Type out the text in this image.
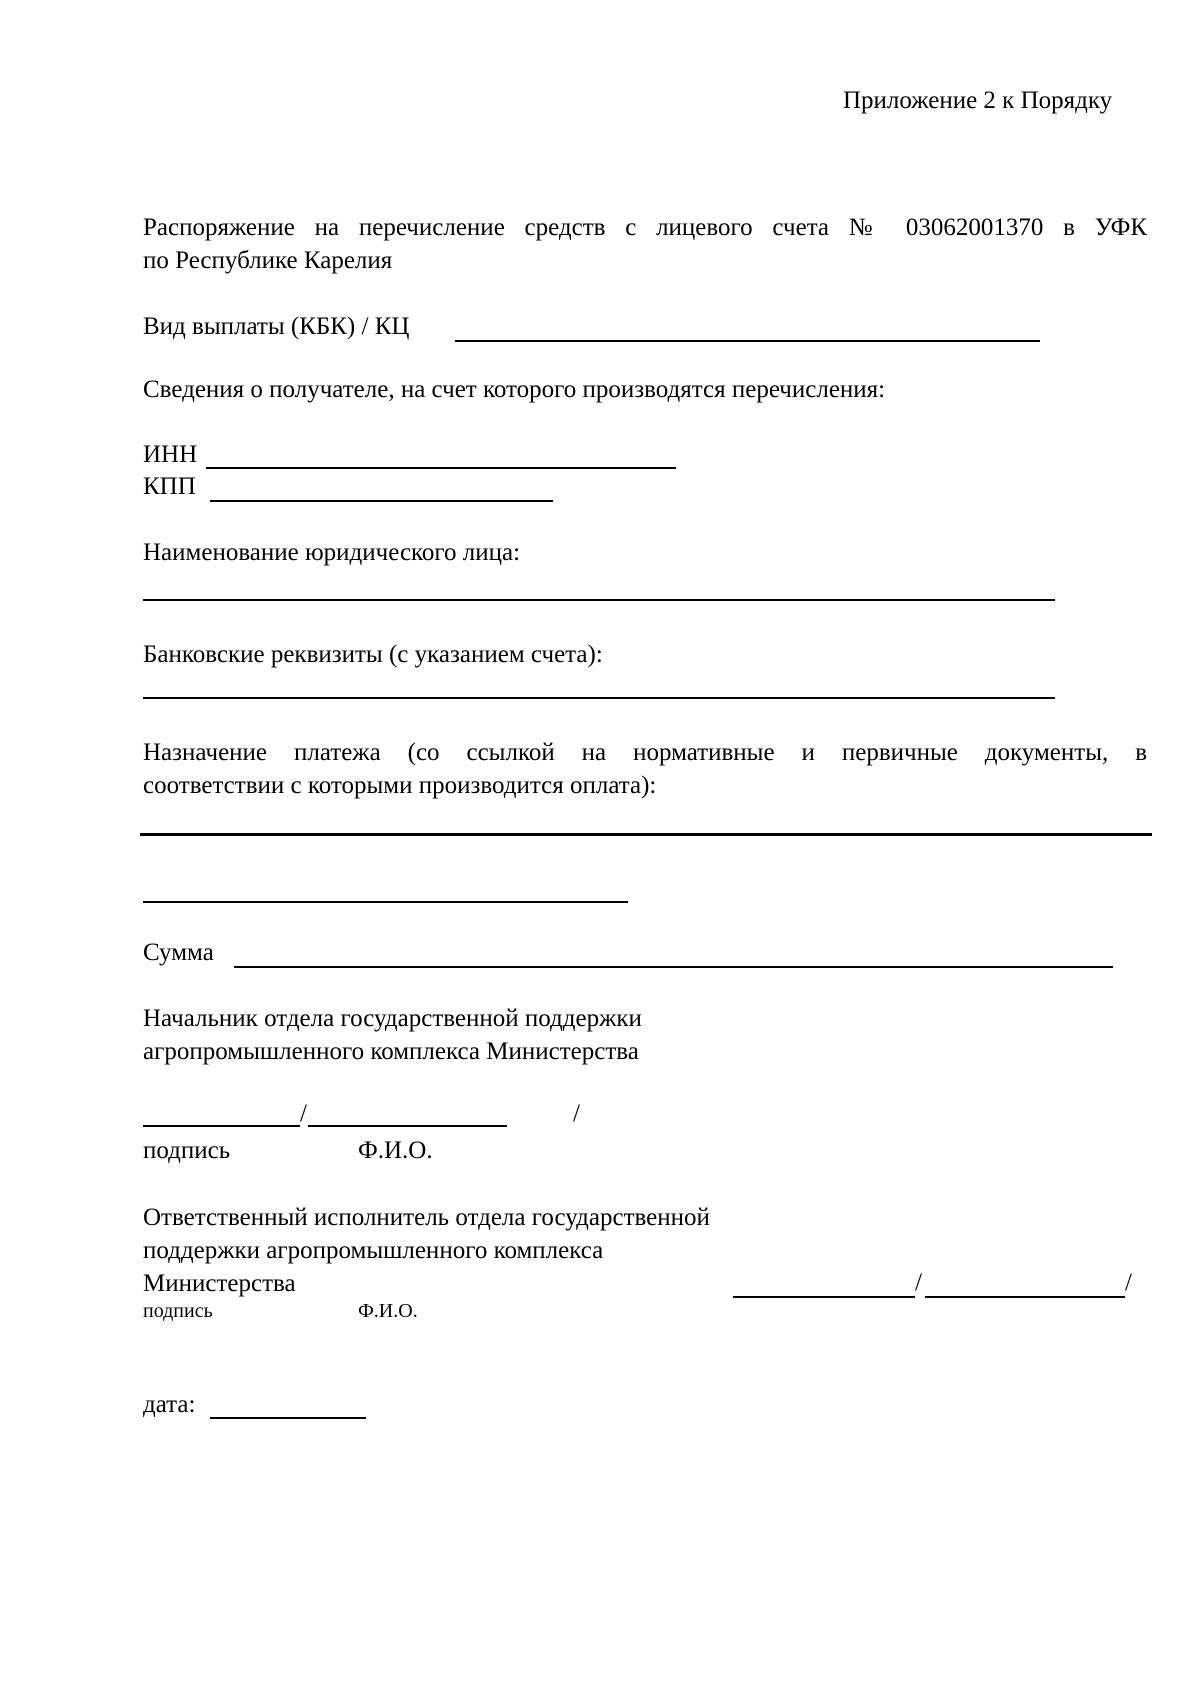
Приложение 2 к Порядку
Распоряжение на перечисление средств с лицевого счета № 03062001370 в УФК
по Республике Карелия
Вид выплаты (КБК) / КЦ
Сведения о получателе, на счет которого производятся перечисления:
ИНН
КПП
Наименование юридического лица:
Банковские реквизиты (с указанием счета):
Назначение платежа (со ссылкой на нормативные и первичные документы, в
соответствии с которыми производится оплата):
Сумма
Начальник отдела государственной поддержки
агропромышленного комплекса Министерства
/	/
подпись	Ф.И.О.
Ответственный исполнитель отдела государственной
поддержки агропромышленного комплекса
Министерства	/	/
подпись	Ф.И.О.
дата:
